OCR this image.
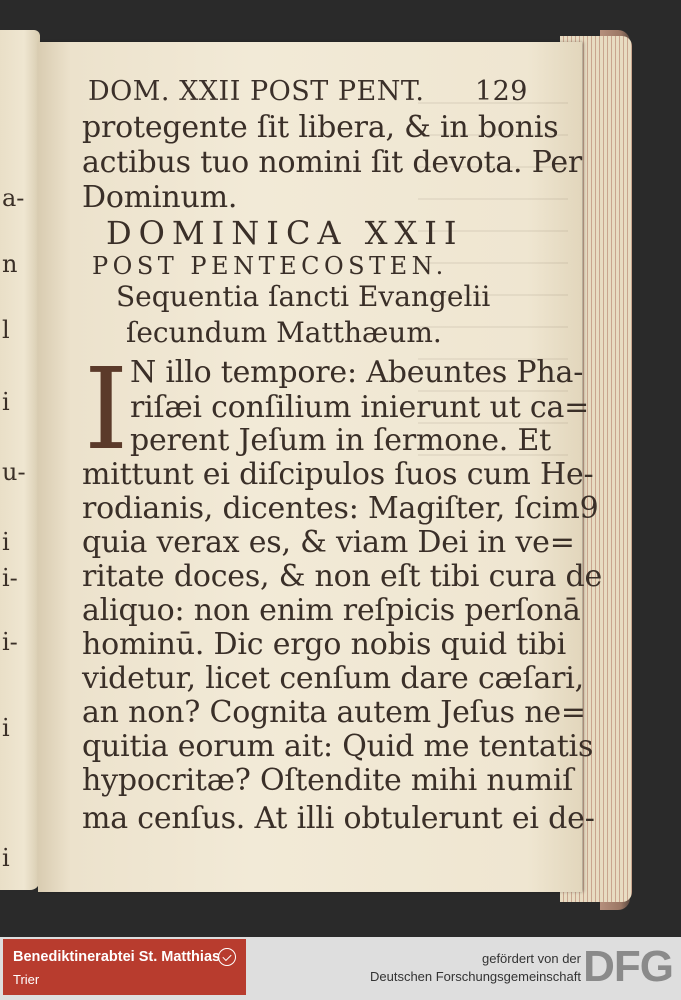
a-
n
l
i
u-
i
i-
i-
i
i
DOM. XXII POST PENT. 129
protegente ſit libera, & in bonis
actibus tuo nomini ſit devota. Per
Dominum.
DOMINICA XXII
POST PENTECOSTEN.
Sequentia ſancti Evangelii
ſecundum Matthæum.
I N illo tempore: Abeuntes Pha-
riſæi conſilium inierunt ut ca=
perent Jeſum in ſermone. Et
mittunt ei diſcipulos ſuos cum He-
rodianis, dicentes: Magiſter, ſcim9
quia verax es, & viam Dei in ve=
ritate doces, & non eſt tibi cura de
aliquo: non enim reſpicis perſonā
hominū. Dic ergo nobis quid tibi
videtur, licet cenſum dare cæſari,
an non? Cognita autem Jeſus ne=
quitia eorum ait: Quid me tentatis
hypocritæ? Oſtendite mihi numiſ
ma cenſus. At illi obtulerunt ei de-
Benediktinerabtei St. Matthias
Trier
gefördert von der
Deutschen Forschungsgemeinschaft DFG
